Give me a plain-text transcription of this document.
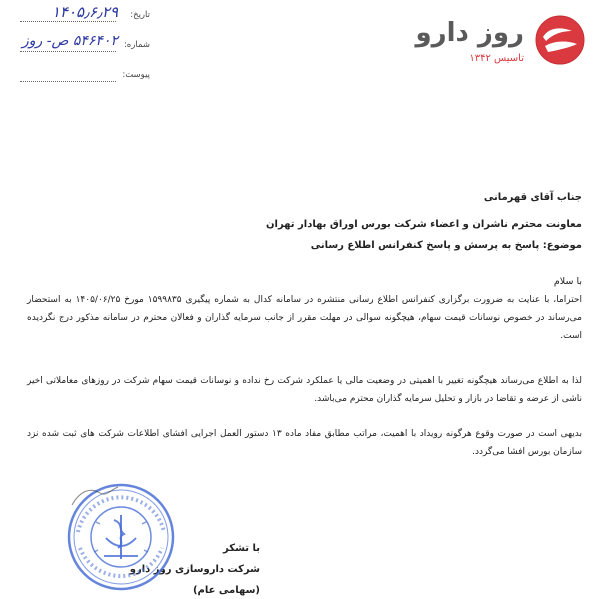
روز دارو
تاسیس ۱۳۴۲
تاریخ:
۱۴۰۵٫۶٫۲۹
شماره:
۵۴۶۴۰۲ ص- روز
پیوست:
جناب آقای قهرمانی
معاونت محترم ناشران و اعضاء شرکت بورس اوراق بهادار تهران
موضوع: پاسخ به پرسش و پاسخ کنفرانس اطلاع رسانی
با سلام
احتراما، با عنایت به ضرورت برگزاری کنفرانس اطلاع رسانی منتشره در سامانه کدال به شماره پیگیری ۱۵۹۹۸۳۵ مورخ ۱۴۰۵/۰۶/۲۵ به استحضار می‌رساند در خصوص نوسانات قیمت سهام، هیچگونه سوالی در مهلت مقرر از جانب سرمایه گذاران و فعالان محترم در سامانه مذکور درج نگردیده است.
لذا به اطلاع می‌رساند هیچگونه تغییر با اهمیتی در وضعیت مالی یا عملکرد شرکت رخ نداده و نوسانات قیمت سهام شرکت در روزهای معاملاتی اخیر ناشی از عرضه و تقاضا در بازار و تحلیل سرمایه گذاران محترم می‌باشد.
بدیهی است در صورت وقوع هرگونه رویداد با اهمیت، مراتب مطابق مفاد ماده ۱۳ دستور العمل اجرایی افشای اطلاعات شرکت های ثبت شده نزد سازمان بورس افشا می‌گردد.
با تشکر
شرکت داروسازی روز دارو
(سهامی عام)
